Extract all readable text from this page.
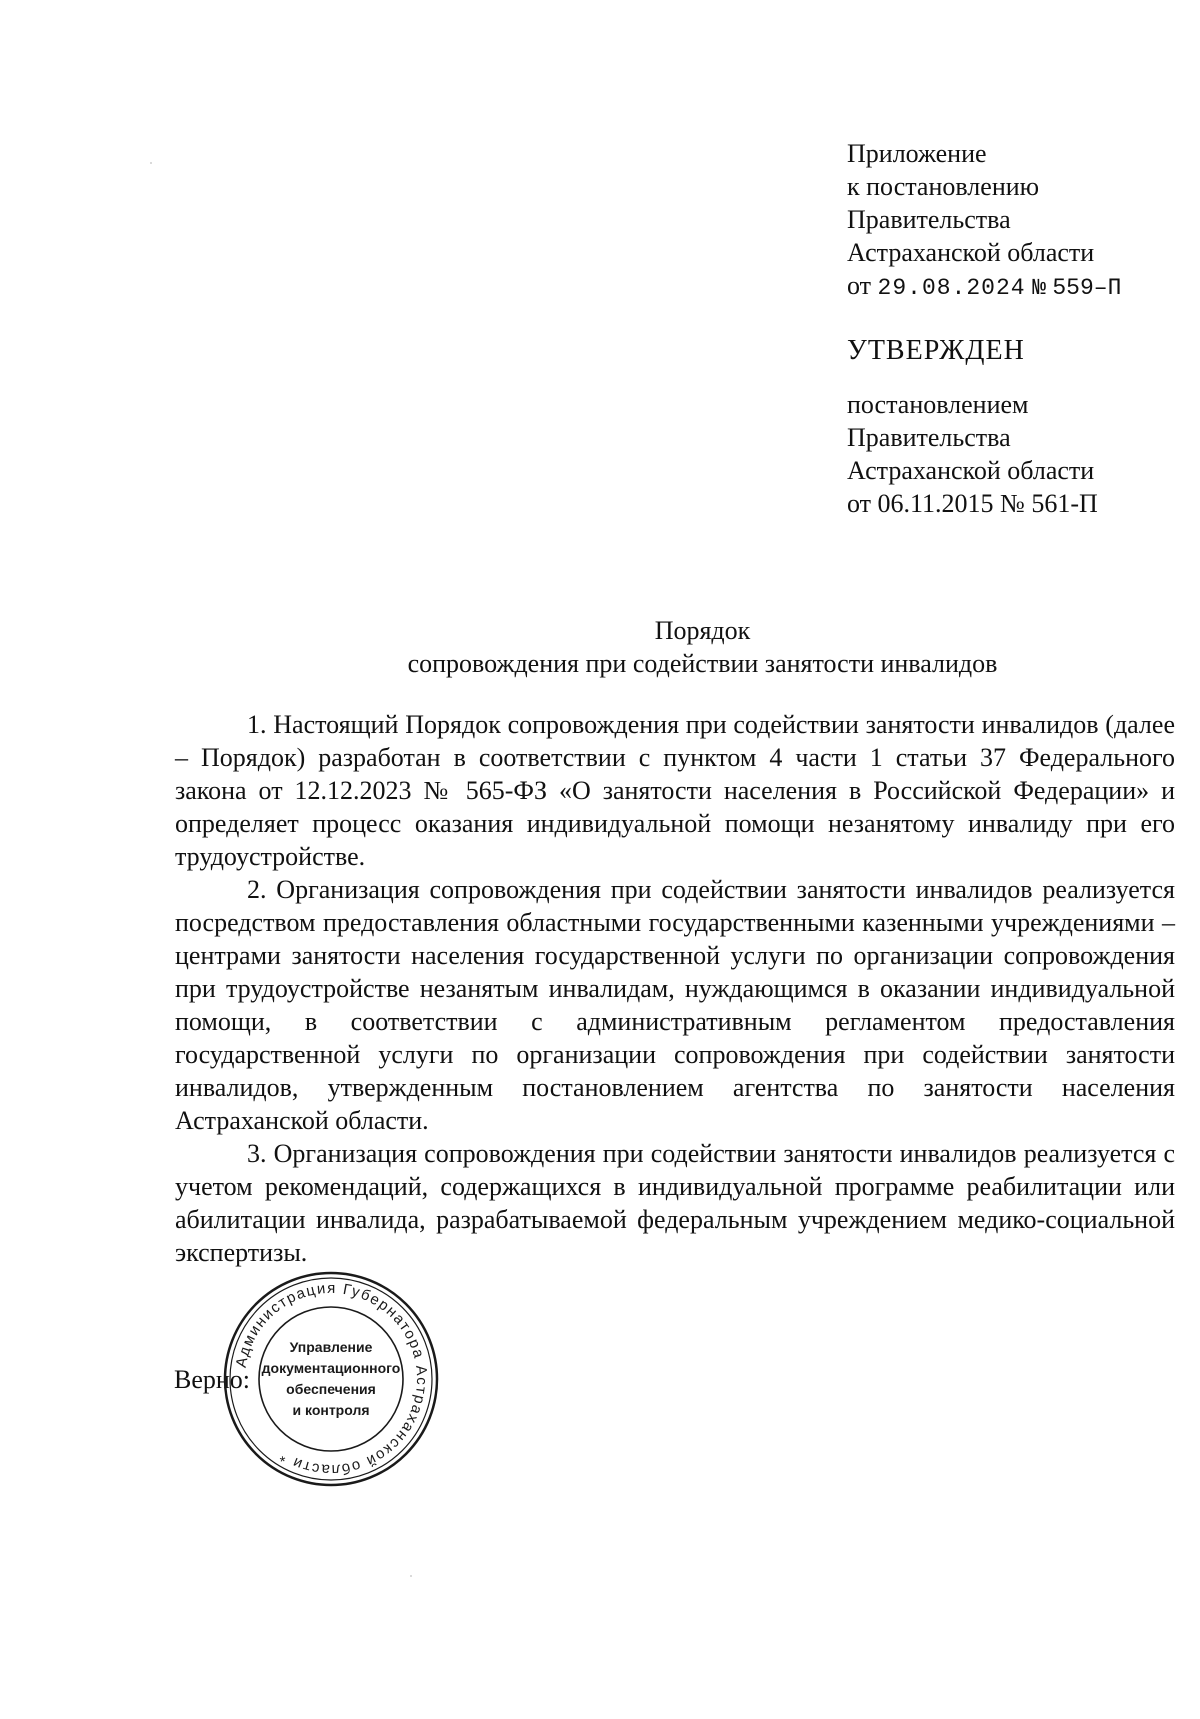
Приложение
к постановлению
Правительства
Астраханской области
от 29.08.2024 № 559–П
УТВЕРЖДЕН
постановлением
Правительства
Астраханской области
от 06.11.2015 № 561-П
Порядок
сопровождения при содействии занятости инвалидов

1. Настоящий Порядок сопровождения при содействии занятости инвалидов (далее – Порядок) разработан в соответствии с пунктом 4 части 1 статьи 37 Федерального закона от 12.12.2023 № 565-ФЗ «О занятости населения в Российской Федерации» и определяет процесс оказания индивидуальной помощи незанятому инвалиду при его трудоустройстве.

2. Организация сопровождения при содействии занятости инвалидов реализуется посредством предоставления областными государственными казенными учреждениями – центрами занятости населения государственной услуги по организации сопровождения при трудоустройстве незанятым инвалидам, нуждающимся в оказании индивидуальной помощи, в соответствии с административным регламентом предоставления государственной услуги по организации сопровождения при содействии занятости инвалидов, утвержденным постановлением агентства по занятости населения Астраханской области.

3. Организация сопровождения при содействии занятости инвалидов реализуется с учетом рекомендаций, содержащихся в индивидуальной программе реабилитации или абилитации инвалида, разрабатываемой федеральным учреждением медико-социальной экспертизы.

Верно:
Администрация Губернатора Астраханской области *
Управление
документационного
обеспечения
и контроля
